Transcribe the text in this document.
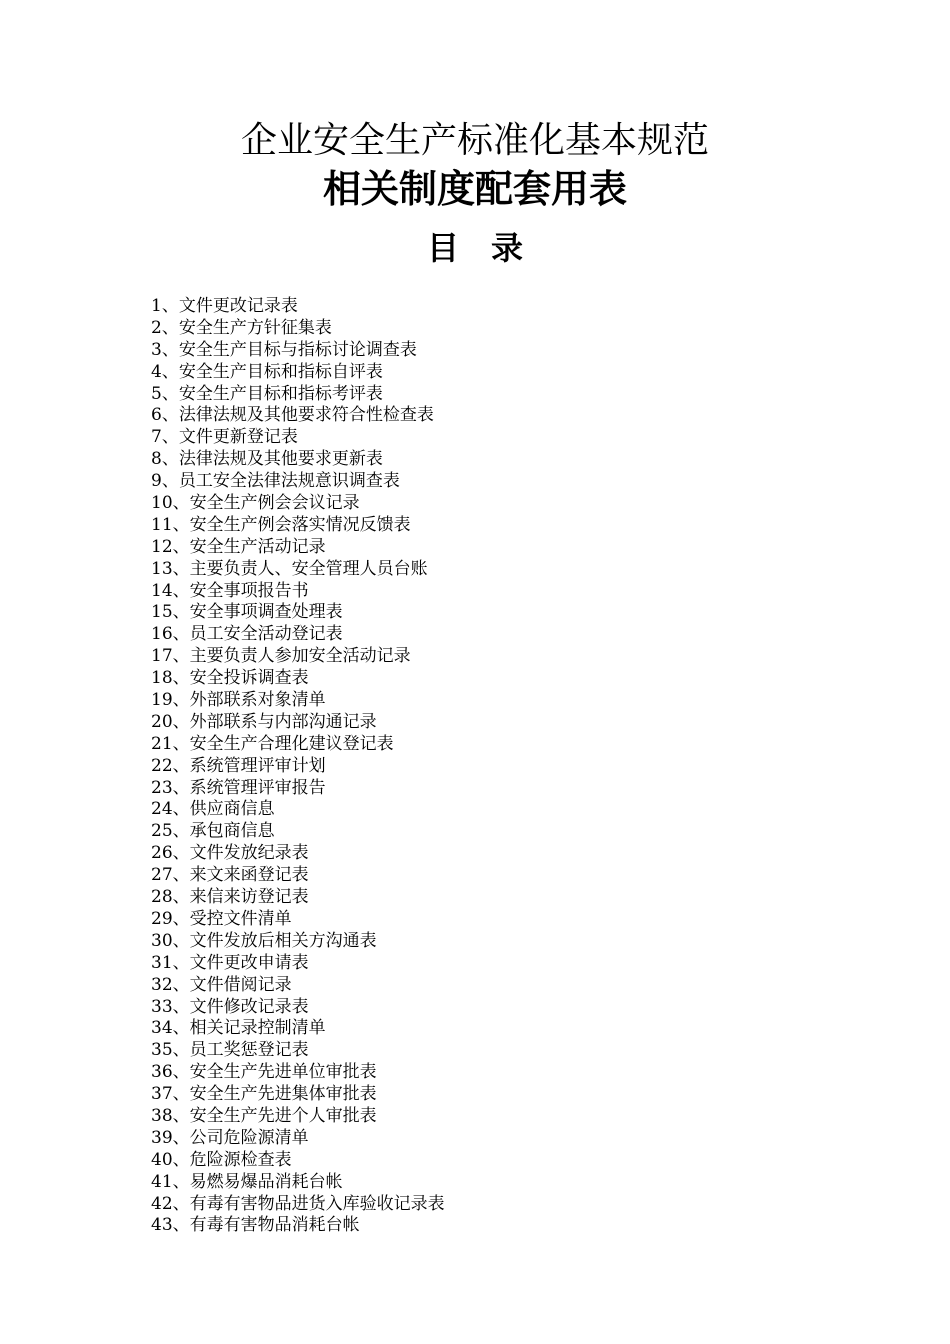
企业安全生产标准化基本规范
相关制度配套用表
目　录
1、文件更改记录表
2、安全生产方针征集表
3、安全生产目标与指标讨论调查表
4、安全生产目标和指标自评表
5、安全生产目标和指标考评表
6、法律法规及其他要求符合性检查表
7、文件更新登记表
8、法律法规及其他要求更新表
9、员工安全法律法规意识调查表
10、安全生产例会会议记录
11、安全生产例会落实情况反馈表
12、安全生产活动记录
13、主要负责人、安全管理人员台账
14、安全事项报告书
15、安全事项调查处理表
16、员工安全活动登记表
17、主要负责人参加安全活动记录
18、安全投诉调查表
19、外部联系对象清单
20、外部联系与内部沟通记录
21、安全生产合理化建议登记表
22、系统管理评审计划
23、系统管理评审报告
24、供应商信息
25、承包商信息
26、文件发放纪录表
27、来文来函登记表
28、来信来访登记表
29、受控文件清单
30、文件发放后相关方沟通表
31、文件更改申请表
32、文件借阅记录
33、文件修改记录表
34、相关记录控制清单
35、员工奖惩登记表
36、安全生产先进单位审批表
37、安全生产先进集体审批表
38、安全生产先进个人审批表
39、公司危险源清单
40、危险源检查表
41、易燃易爆品消耗台帐
42、有毒有害物品进货入库验收记录表
43、有毒有害物品消耗台帐
